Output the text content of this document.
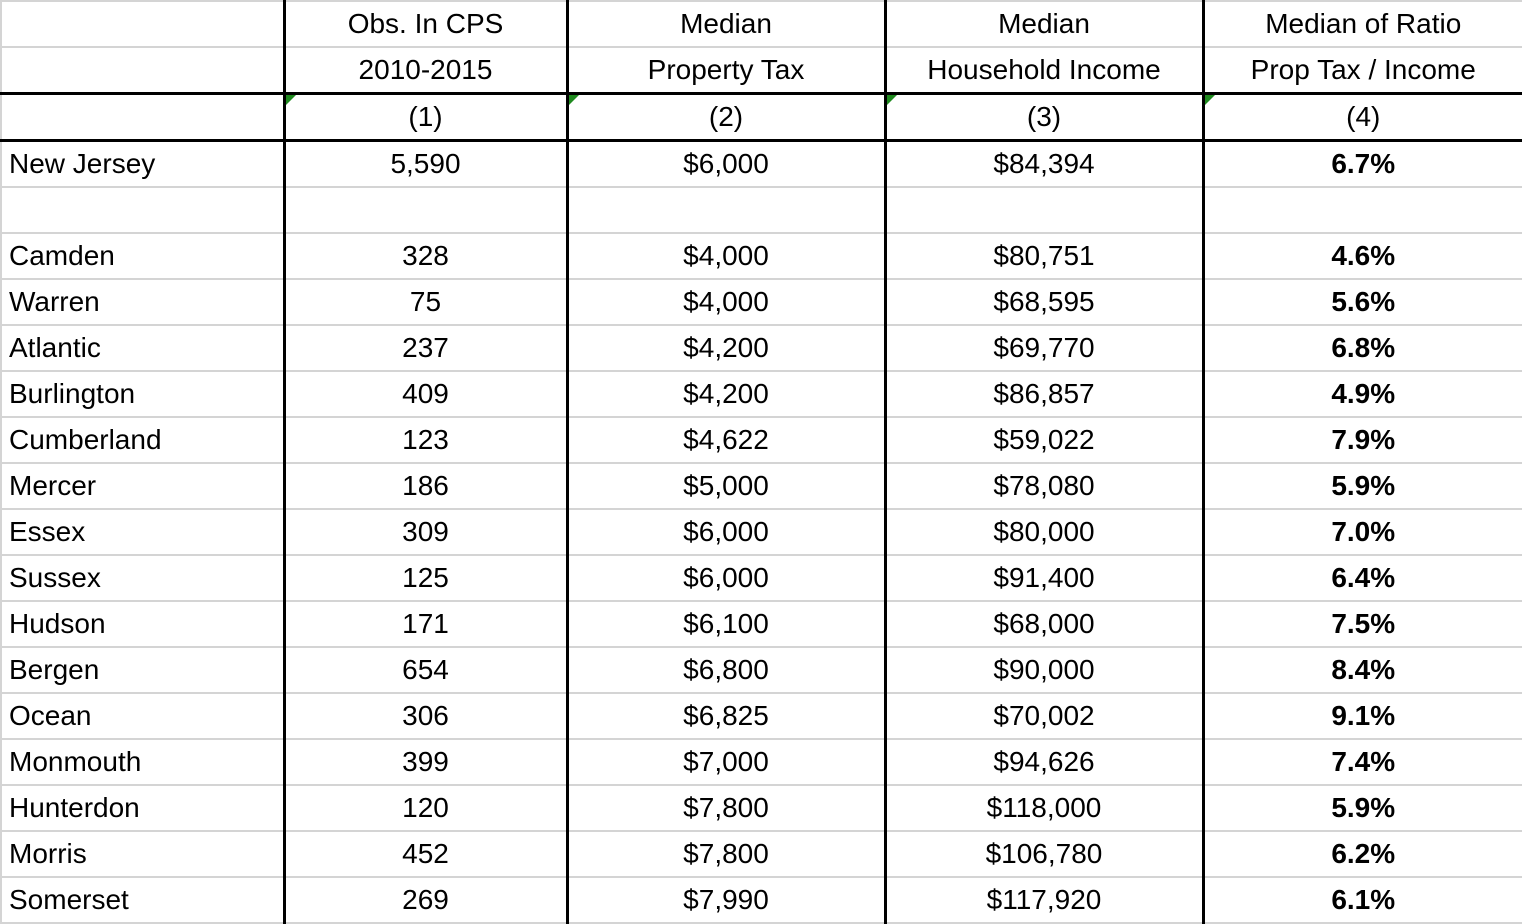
	Obs. In CPS	Median	Median	Median of Ratio
	2010-2015	Property Tax	Household Income	Prop Tax / Income

(1)	(2)	(3)	(4)
New Jersey	5,590	$6,000	$84,394	6.7%

Camden	328	$4,000	$80,751	4.6%
Warren	75	$4,000	$68,595	5.6%
Atlantic	237	$4,200	$69,770	6.8%
Burlington	409	$4,200	$86,857	4.9%
Cumberland	123	$4,622	$59,022	7.9%
Mercer	186	$5,000	$78,080	5.9%
Essex	309	$6,000	$80,000	7.0%
Sussex	125	$6,000	$91,400	6.4%
Hudson	171	$6,100	$68,000	7.5%
Bergen	654	$6,800	$90,000	8.4%
Ocean	306	$6,825	$70,002	9.1%
Monmouth	399	$7,000	$94,626	7.4%
Hunterdon	120	$7,800	$118,000	5.9%
Morris	452	$7,800	$106,780	6.2%
Somerset	269	$7,990	$117,920	6.1%
